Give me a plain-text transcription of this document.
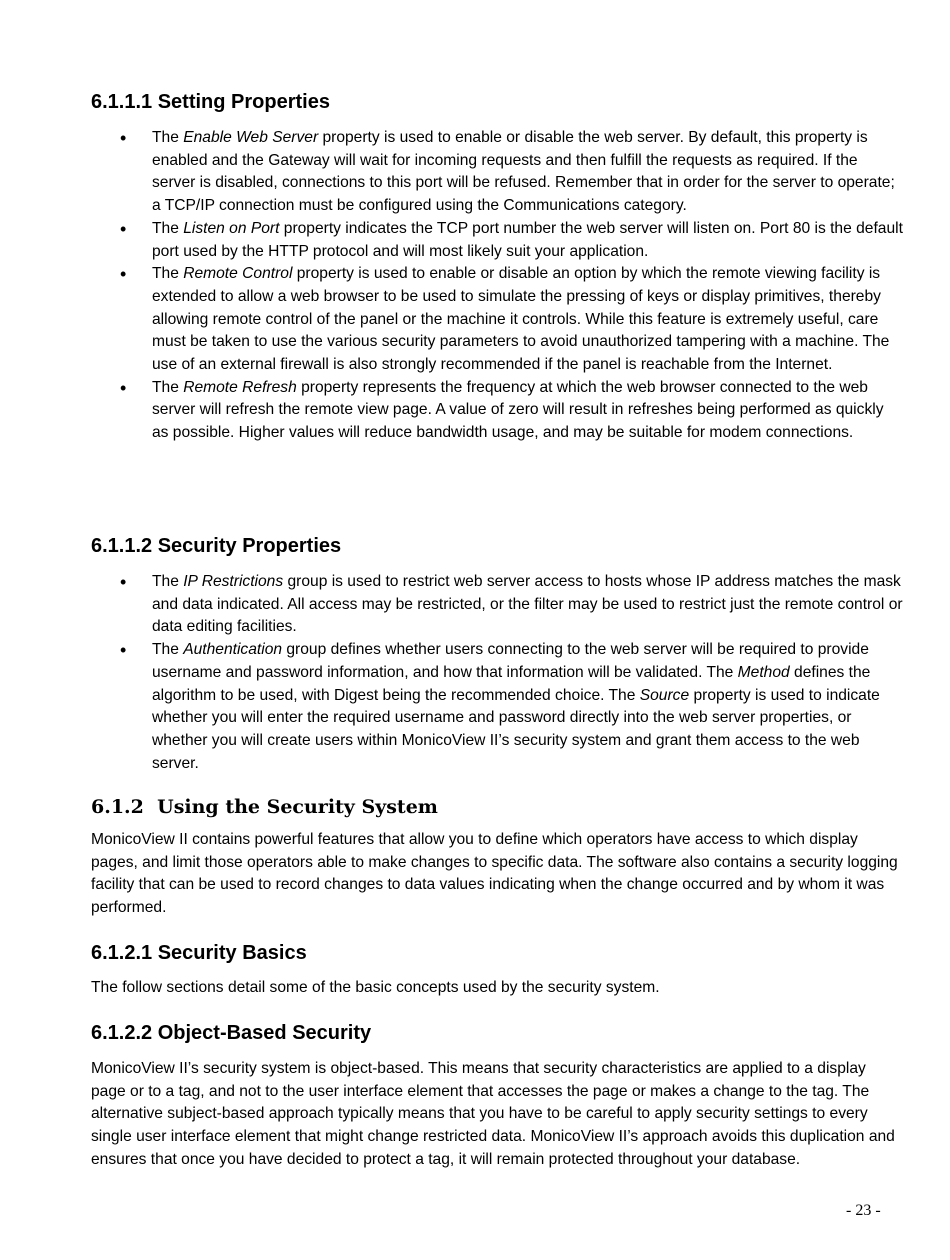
6.1.1.1 Setting Properties
• The Enable Web Server property is used to enable or disable the web server. By default, this property is enabled and the Gateway will wait for incoming requests and then fulfill the requests as required. If the server is disabled, connections to this port will be refused. Remember that in order for the server to operate; a TCP/IP connection must be configured using the Communications category.
• The Listen on Port property indicates the TCP port number the web server will listen on. Port 80 is the default port used by the HTTP protocol and will most likely suit your application.
• The Remote Control property is used to enable or disable an option by which the remote viewing facility is extended to allow a web browser to be used to simulate the pressing of keys or display primitives, thereby allowing remote control of the panel or the machine it controls. While this feature is extremely useful, care must be taken to use the various security parameters to avoid unauthorized tampering with a machine. The use of an external firewall is also strongly recommended if the panel is reachable from the Internet.
• The Remote Refresh property represents the frequency at which the web browser connected to the web server will refresh the remote view page. A value of zero will result in refreshes being performed as quickly as possible. Higher values will reduce bandwidth usage, and may be suitable for modem connections.
6.1.1.2 Security Properties
• The IP Restrictions group is used to restrict web server access to hosts whose IP address matches the mask and data indicated. All access may be restricted, or the filter may be used to restrict just the remote control or data editing facilities.
• The Authentication group defines whether users connecting to the web server will be required to provide username and password information, and how that information will be validated. The Method defines the algorithm to be used, with Digest being the recommended choice. The Source property is used to indicate whether you will enter the required username and password directly into the web server properties, or whether you will create users within MonicoView II’s security system and grant them access to the web server.
6.1.2  Using the Security System

MonicoView II contains powerful features that allow you to define which operators have access to which display pages, and limit those operators able to make changes to specific data. The software also contains a security logging facility that can be used to record changes to data values indicating when the change occurred and by whom it was performed.

6.1.2.1 Security Basics

The follow sections detail some of the basic concepts used by the security system.

6.1.2.2 Object-Based Security

MonicoView II’s security system is object-based. This means that security characteristics are applied to a display page or to a tag, and not to the user interface element that accesses the page or makes a change to the tag. The alternative subject-based approach typically means that you have to be careful to apply security settings to every single user interface element that might change restricted data. MonicoView II’s approach avoids this duplication and ensures that once you have decided to protect a tag, it will remain protected throughout your database.

- 23 -
